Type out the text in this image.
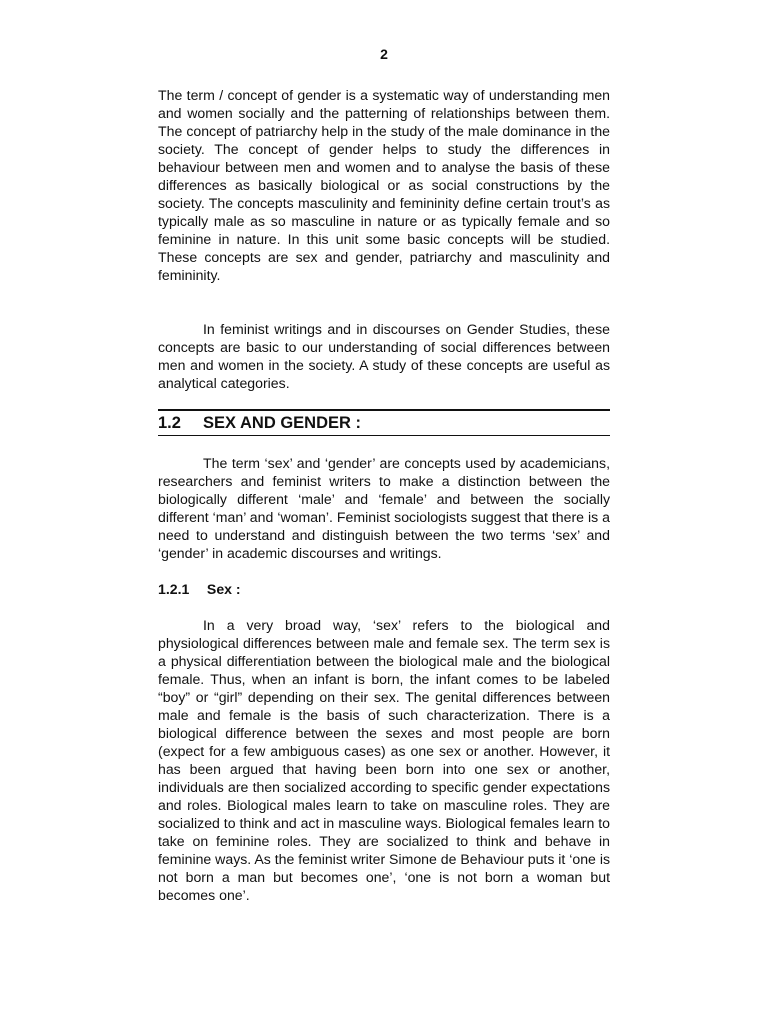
2

The term / concept of gender is a systematic way of understanding men and women socially and the patterning of relationships between them. The concept of patriarchy help in the study of the male dominance in the society. The concept of gender helps to study the differences in behaviour between men and women and to analyse the basis of these differences as basically biological or as social constructions by the society. The concepts masculinity and femininity define certain trout’s as typically male as so masculine in nature or as typically female and so feminine in nature. In this unit some basic concepts will be studied. These concepts are sex and gender, patriarchy and masculinity and femininity.

In feminist writings and in discourses on Gender Studies, these concepts are basic to our understanding of social differences between men and women in the society. A study of these concepts are useful as analytical categories.

1.2	SEX AND GENDER :

The term ‘sex’ and ‘gender’ are concepts used by academicians, researchers and feminist writers to make a distinction between the biologically different ‘male’ and ‘female’ and between the socially different ‘man’ and ‘woman’. Feminist sociologists suggest that there is a need to understand and distinguish between the two terms ‘sex’ and ‘gender’ in academic discourses and writings.

1.2.1 Sex :

In a very broad way, ‘sex’ refers to the biological and physiological differences between male and female sex. The term sex is a physical differentiation between the biological male and the biological female. Thus, when an infant is born, the infant comes to be labeled “boy” or “girl” depending on their sex. The genital differences between male and female is the basis of such characterization. There is a biological difference between the sexes and most people are born (expect for a few ambiguous cases) as one sex or another. However, it has been argued that having been born into one sex or another, individuals are then socialized according to specific gender expectations and roles. Biological males learn to take on masculine roles. They are socialized to think and act in masculine ways. Biological females learn to take on feminine roles. They are socialized to think and behave in feminine ways. As the feminist writer Simone de Behaviour puts it ‘one is not born a man but becomes one’, ‘one is not born a woman but becomes one’.
